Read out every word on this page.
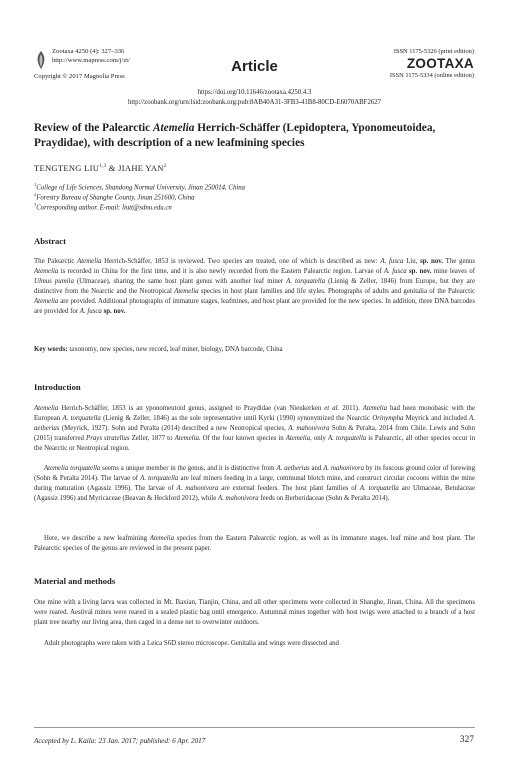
Zootaxa 4250 (4): 327–336
http://www.mapress.com/j/zt/
Copyright © 2017 Magnolia Press
Article
ISSN 1175-5326 (print edition)
ZOOTAXA
ISSN 1175-5334 (online edition)
https://doi.org/10.11646/zootaxa.4250.4.3
http://zoobank.org/urn:lsid:zoobank.org:pub:8AB40A31-3FB3-41B8-80CD-E6070ABF2627
Review of the Palearctic Atemelia Herrich-Schäffer (Lepidoptera, Yponomeutoidea, Praydidae), with description of a new leafmining species
TENGTENG LIU$^{1,3}$ & JIAHE YAN$^2$
$^1$College of Life Sciences, Shandong Normal University, Jinan 250014, China
$^2$Forestry Bureau of Shanghe County, Jinan 251600, China
$^3$Corresponding author. E-mail: liutt@sdnu.edu.cn
Abstract
The Palearctic Atemelia Herrich-Schäffer, 1853 is reviewed. Two species are treated, one of which is described as new: A. fusca Liu, sp. nov. The genus Atemelia is recorded in China for the first time, and it is also newly recorded from the Eastern Palearctic region. Larvae of A. fusca sp. nov. mine leaves of Ulmus pumila (Ulmaceae), sharing the same host plant genus with another leaf miner A. torquatella (Lienig & Zeller, 1846) from Europe, but they are distinctive from the Nearctic and the Neotropical Atemelia species in host plant families and life styles. Photographs of adults and genitalia of the Palearctic Atemelia are provided. Additional photographs of immature stages, leafmines, and host plant are provided for the new species. In addition, three DNA barcodes are provided for A. fusca sp. nov.
Key words: taxonomy, new species, new record, leaf miner, biology, DNA barcode, China
Introduction
Atemelia Herrich-Schäffer, 1853 is an yponomeutoid genus, assigned to Praydidae (van Nieukerken et al. 2011). Atemelia had been monobasic with the European A. torquatella (Lienig & Zeller, 1846) as the sole representative until Kyrki (1990) synonymized the Nearctic Orinympha Meyrick and included A. aetherias (Meyrick, 1927). Sohn and Peralta (2014) described a new Neotropical species, A. mahonivora Sohn & Peralta, 2014 from Chile. Lewis and Sohn (2015) transferred Prays stratellus Zeller, 1877 to Atemelia. Of the four known species in Atemelia, only A. torquatella is Palearctic, all other species occur in the Nearctic or Neotropical region.
Atemelia torquatella seems a unique member in the genus, and it is distinctive from A. aetherias and A. mahonivora by its fuscous ground color of forewing (Sohn & Peralta 2014). The larvae of A. torquatella are leaf miners feeding in a large, communal blotch mine, and construct circular cocoons within the mine during maturation (Agassiz 1996). The larvae of A. mahonivora are external feeders. The host plant families of A. torquatella are Ulmaceae, Betulaceae (Agassiz 1996) and Myricaceae (Beavan & Heckford 2012), while A. mahonivora feeds on Berberidaceae (Sohn & Peralta 2014).
Here, we describe a new leafmining Atemelia species from the Eastern Palearctic region, as well as its immature stages, leaf mine and host plant. The Palearctic species of the genus are reviewed in the present paper.
Material and methods
One mine with a living larva was collected in Mt. Baxian, Tianjin, China, and all other specimens were collected in Shanghe, Jinan, China. All the specimens were reared. Aestival mines were reared in a sealed plastic bag until emergence. Autumnal mines together with host twigs were attached to a branch of a host plant tree nearby our living area, then caged in a dense net to overwinter outdoors.
Adult photographs were taken with a Leica S6D stereo microscope. Genitalia and wings were dissected and
Accepted by L. Kaila: 23 Jan. 2017; published: 6 Apr. 2017	327
